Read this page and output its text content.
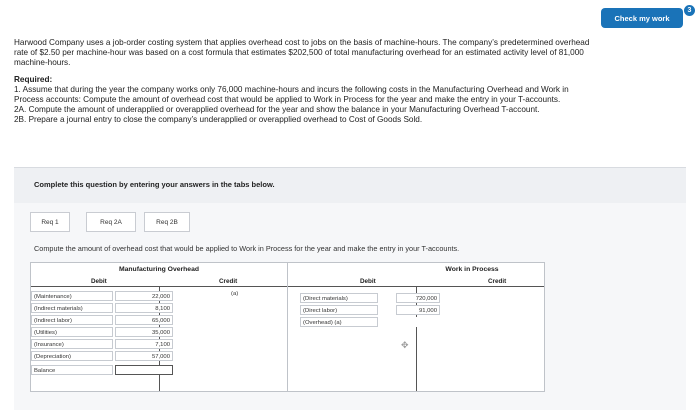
Check my work
3

Harwood Company uses a job-order costing system that applies overhead cost to jobs on the basis of machine-hours. The company’s predetermined overhead rate of $2.50 per machine-hour was based on a cost formula that estimates $202,500 of total manufacturing overhead for an estimated activity level of 81,000 machine-hours.

Required:

1. Assume that during the year the company works only 76,000 machine-hours and incurs the following costs in the Manufacturing Overhead and Work in Process accounts: Compute the amount of overhead cost that would be applied to Work in Process for the year and make the entry in your T-accounts.

2A. Compute the amount of underapplied or overapplied overhead for the year and show the balance in your Manufacturing Overhead T-account.

2B. Prepare a journal entry to close the company’s underapplied or overapplied overhead to Cost of Goods Sold.

Complete this question by entering your answers in the tabs below.
Req 1	Req 2A	Req 2B
Compute the amount of overhead cost that would be applied to Work in Process for the year and make the entry in your T-accounts.
Manufacturing Overhead
Debit	Credit
(a)
(Maintenance)	22,000
(Indirect materials)	8,100
(Indirect labor)	65,000
(Utilities)	35,000
(Insurance)	7,100
(Depreciation)	57,000
Balance
Work in Process
Debit	Credit
(Direct materials)	720,000
(Direct labor)	91,000
(Overhead) (a)
✥
